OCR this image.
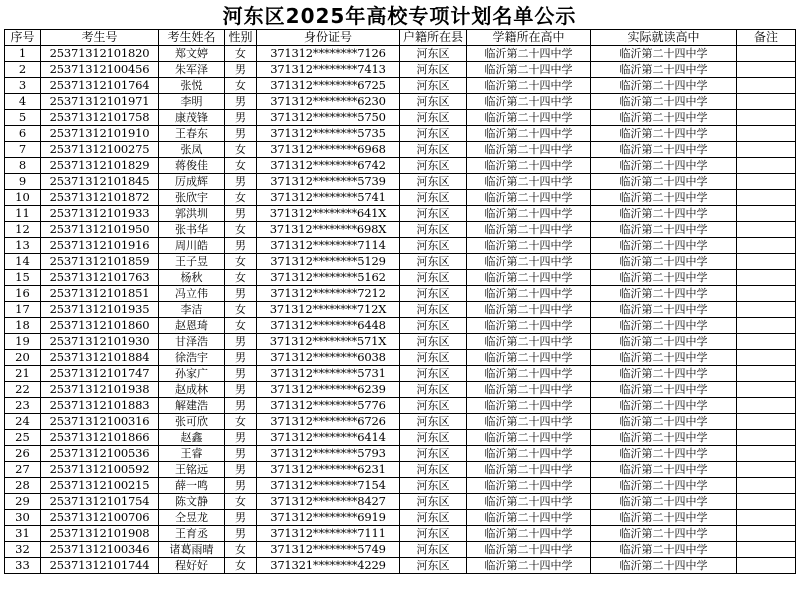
河东区2025年高校专项计划名单公示
序号	考生号	考生姓名	性别	身份证号	户籍所在县	学籍所在高中	实际就读高中	备注
1	25371312101820	郑文婷	女	371312********7126	河东区	临沂第二十四中学	临沂第二十四中学	
2	25371312100456	朱军泽	男	371312********7413	河东区	临沂第二十四中学	临沂第二十四中学	
3	25371312101764	张悦	女	371312********6725	河东区	临沂第二十四中学	临沂第二十四中学	
4	25371312101971	李明	男	371312********6230	河东区	临沂第二十四中学	临沂第二十四中学	
5	25371312101758	康茂锋	男	371312********5750	河东区	临沂第二十四中学	临沂第二十四中学	
6	25371312101910	王春东	男	371312********5735	河东区	临沂第二十四中学	临沂第二十四中学	
7	25371312100275	张凤	女	371312********6968	河东区	临沂第二十四中学	临沂第二十四中学	
8	25371312101829	蒋俊佳	女	371312********6742	河东区	临沂第二十四中学	临沂第二十四中学	
9	25371312101845	厉成辉	男	371312********5739	河东区	临沂第二十四中学	临沂第二十四中学	
10	25371312101872	张欣宇	女	371312********5741	河东区	临沂第二十四中学	临沂第二十四中学	
11	25371312101933	郭洪圳	男	371312********641X	河东区	临沂第二十四中学	临沂第二十四中学	
12	25371312101950	张书华	女	371312********698X	河东区	临沂第二十四中学	临沂第二十四中学	
13	25371312101916	周川皓	男	371312********7114	河东区	临沂第二十四中学	临沂第二十四中学	
14	25371312101859	王子昱	女	371312********5129	河东区	临沂第二十四中学	临沂第二十四中学	
15	25371312101763	杨秋	女	371312********5162	河东区	临沂第二十四中学	临沂第二十四中学	
16	25371312101851	冯立伟	男	371312********7212	河东区	临沂第二十四中学	临沂第二十四中学	
17	25371312101935	李洁	女	371312********712X	河东区	临沂第二十四中学	临沂第二十四中学	
18	25371312101860	赵恩琦	女	371312********6448	河东区	临沂第二十四中学	临沂第二十四中学	
19	25371312101930	甘泽浩	男	371312********571X	河东区	临沂第二十四中学	临沂第二十四中学	
20	25371312101884	徐浩宇	男	371312********6038	河东区	临沂第二十四中学	临沂第二十四中学	
21	25371312101747	孙家广	男	371312********5731	河东区	临沂第二十四中学	临沂第二十四中学	
22	25371312101938	赵成林	男	371312********6239	河东区	临沂第二十四中学	临沂第二十四中学	
23	25371312101883	解建浩	男	371312********5776	河东区	临沂第二十四中学	临沂第二十四中学	
24	25371312100316	张可欣	女	371312********6726	河东区	临沂第二十四中学	临沂第二十四中学	
25	25371312101866	赵鑫	男	371312********6414	河东区	临沂第二十四中学	临沂第二十四中学	
26	25371312100536	王睿	男	371312********5793	河东区	临沂第二十四中学	临沂第二十四中学	
27	25371312100592	王铭远	男	371312********6231	河东区	临沂第二十四中学	临沂第二十四中学	
28	25371312100215	薛一鸣	男	371312********7154	河东区	临沂第二十四中学	临沂第二十四中学	
29	25371312101754	陈文静	女	371312********8427	河东区	临沂第二十四中学	临沂第二十四中学	
30	25371312100706	仝昱龙	男	371312********6919	河东区	临沂第二十四中学	临沂第二十四中学	
31	25371312101908	王育丞	男	371312********7111	河东区	临沂第二十四中学	临沂第二十四中学	
32	25371312100346	诸葛雨晴	女	371312********5749	河东区	临沂第二十四中学	临沂第二十四中学	
33	25371312101744	程好好	女	371321********4229	河东区	临沂第二十四中学	临沂第二十四中学	
